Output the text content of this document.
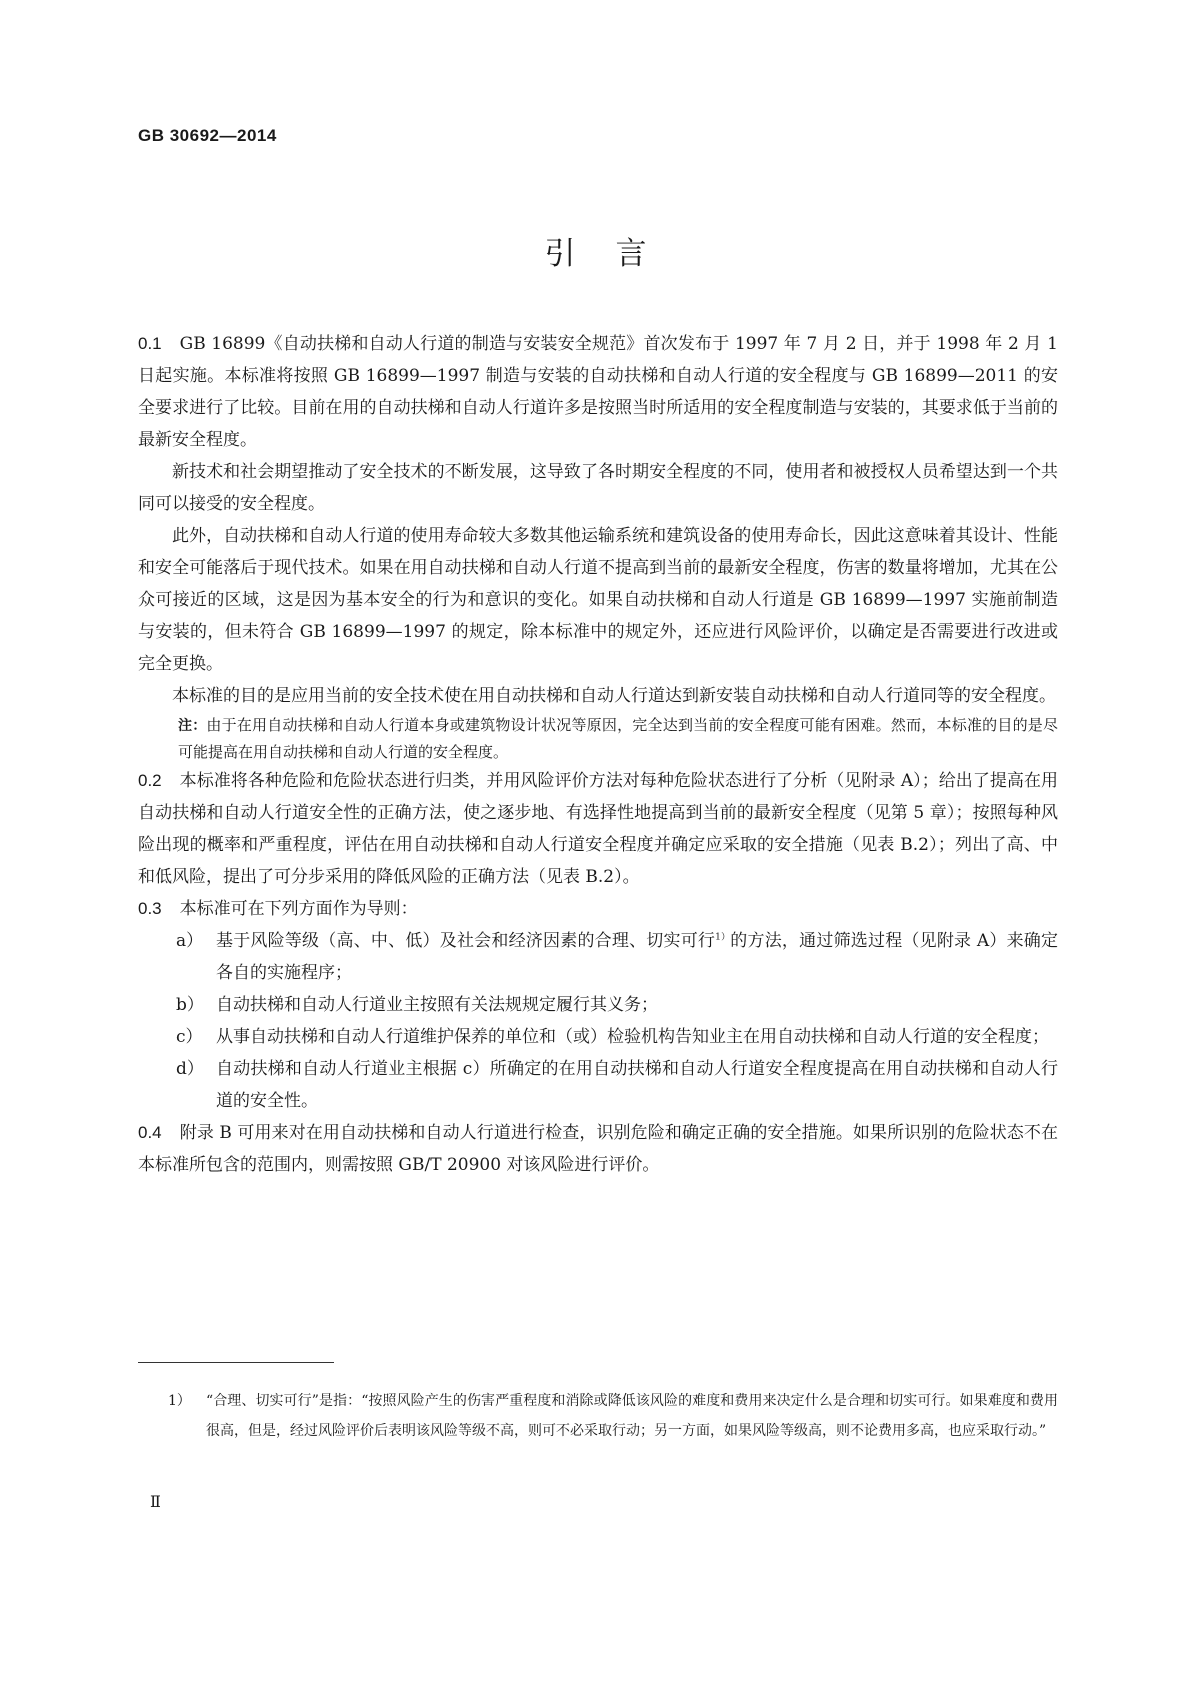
GB 30692—2014
引言

0.1 GB 16899《自动扶梯和自动人行道的制造与安装安全规范》首次发布于 1997 年 7 月 2 日，并于 1998 年 2 月 1 日起实施。本标准将按照 GB 16899—1997 制造与安装的自动扶梯和自动人行道的安全程度与 GB 16899—2011 的安全要求进行了比较。目前在用的自动扶梯和自动人行道许多是按照当时所适用的安全程度制造与安装的，其要求低于当前的最新安全程度。

新技术和社会期望推动了安全技术的不断发展，这导致了各时期安全程度的不同，使用者和被授权人员希望达到一个共同可以接受的安全程度。

此外，自动扶梯和自动人行道的使用寿命较大多数其他运输系统和建筑设备的使用寿命长，因此这意味着其设计、性能和安全可能落后于现代技术。如果在用自动扶梯和自动人行道不提高到当前的最新安全程度，伤害的数量将增加，尤其在公众可接近的区域，这是因为基本安全的行为和意识的变化。如果自动扶梯和自动人行道是 GB 16899—1997 实施前制造与安装的，但未符合 GB 16899—1997 的规定，除本标准中的规定外，还应进行风险评价，以确定是否需要进行改进或完全更换。

本标准的目的是应用当前的安全技术使在用自动扶梯和自动人行道达到新安装自动扶梯和自动人行道同等的安全程度。

注：由于在用自动扶梯和自动人行道本身或建筑物设计状况等原因，完全达到当前的安全程度可能有困难。然而，本标准的目的是尽可能提高在用自动扶梯和自动人行道的安全程度。

0.2 本标准将各种危险和危险状态进行归类，并用风险评价方法对每种危险状态进行了分析（见附录 A）；给出了提高在用自动扶梯和自动人行道安全性的正确方法，使之逐步地、有选择性地提高到当前的最新安全程度（见第 5 章）；按照每种风险出现的概率和严重程度，评估在用自动扶梯和自动人行道安全程度并确定应采取的安全措施（见表 B.2）；列出了高、中和低风险，提出了可分步采用的降低风险的正确方法（见表 B.2）。

0.3 本标准可在下列方面作为导则：

a） 基于风险等级（高、中、低）及社会和经济因素的合理、切实可行$^{1)}$的方法，通过筛选过程（见附录 A）来确定各自的实施程序；
b） 自动扶梯和自动人行道业主按照有关法规规定履行其义务；
c） 从事自动扶梯和自动人行道维护保养的单位和（或）检验机构告知业主在用自动扶梯和自动人行道的安全程度；
d） 自动扶梯和自动人行道业主根据 c）所确定的在用自动扶梯和自动人行道安全程度提高在用自动扶梯和自动人行道的安全性。

0.4 附录 B 可用来对在用自动扶梯和自动人行道进行检查，识别危险和确定正确的安全措施。如果所识别的危险状态不在本标准所包含的范围内，则需按照 GB/T 20900 对该风险进行评价。

1） “合理、切实可行”是指：“按照风险产生的伤害严重程度和消除或降低该风险的难度和费用来决定什么是合理和切实可行。如果难度和费用很高，但是，经过风险评价后表明该风险等级不高，则可不必采取行动；另一方面，如果风险等级高，则不论费用多高，也应采取行动。”
Ⅱ
